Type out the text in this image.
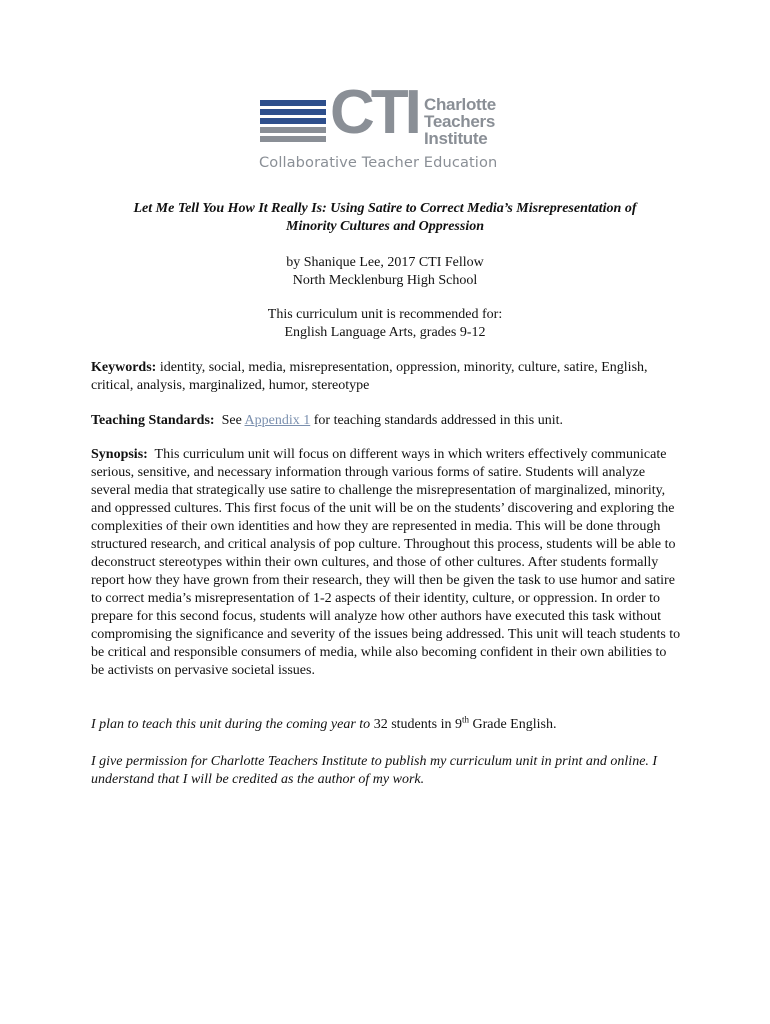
CTI Charlotte
Teachers
Institute
Collaborative Teacher Education
Let Me Tell You How It Really Is: Using Satire to Correct Media’s Misrepresentation of
Minority Cultures and Oppression
by Shanique Lee, 2017 CTI Fellow
North Mecklenburg High School
This curriculum unit is recommended for:
English Language Arts, grades 9-12
Keywords: identity, social, media, misrepresentation, oppression, minority, culture, satire, English, critical, analysis, marginalized, humor, stereotype
Teaching Standards:  See Appendix 1 for teaching standards addressed in this unit.
Synopsis:  This curriculum unit will focus on different ways in which writers effectively communicate serious, sensitive, and necessary information through various forms of satire. Students will analyze several media that strategically use satire to challenge the misrepresentation of marginalized, minority, and oppressed cultures. This first focus of the unit will be on the students’ discovering and exploring the complexities of their own identities and how they are represented in media. This will be done through structured research, and critical analysis of pop culture. Throughout this process, students will be able to deconstruct stereotypes within their own cultures, and those of other cultures. After students formally report how they have grown from their research, they will then be given the task to use humor and satire to correct media’s misrepresentation of 1-2 aspects of their identity, culture, or oppression. In order to prepare for this second focus, students will analyze how other authors have executed this task without compromising the significance and severity of the issues being addressed. This unit will teach students to be critical and responsible consumers of media, while also becoming confident in their own abilities to be activists on pervasive societal issues.
I plan to teach this unit during the coming year to 32 students in 9th Grade English.
I give permission for Charlotte Teachers Institute to publish my curriculum unit in print and online. I understand that I will be credited as the author of my work.
